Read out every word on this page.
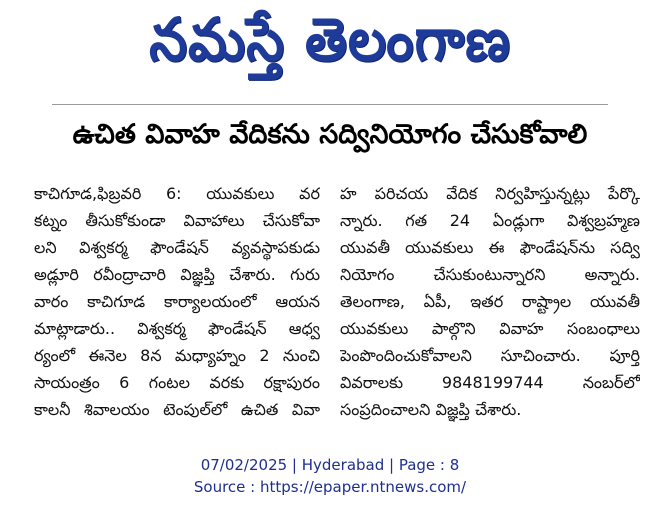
నమస్తే తెలంగాణ
ఉచిత వివాహ వేదికను సద్వినియోగం చేసుకోవాలి
కాచిగూడ,ఫిబ్రవరి 6: యువకులు వర
కట్నం తీసుకోకుండా వివాహాలు చేసుకోవా
లని విశ్వకర్మ ఫౌండేషన్ వ్యవస్థాపకుడు
అడ్లూరి రవీంద్రాచారి విజ్ఞప్తి చేశారు. గురు
వారం కాచిగూడ కార్యాలయంలో ఆయన
మాట్లాడారు.. విశ్వకర్మ ఫౌండేషన్ ఆధ్వ
ర్యంలో ఈనెల 8న మధ్యాహ్నం 2 నుంచి
సాయంత్రం 6 గంటల వరకు రక్షాపురం
కాలనీ శివాలయం టెంపుల్‌లో ఉచిత వివా
హ పరిచయ వేదిక నిర్వహిస్తున్నట్లు పేర్కొ
న్నారు. గత 24 ఏండ్లుగా విశ్వబ్రహ్మణ
యువతీ యువకులు ఈ ఫౌండేషన్‌ను సద్వి
నియోగం చేసుకుంటున్నారని అన్నారు.
తెలంగాణ, ఏపీ, ఇతర రాష్ట్రాల యువతీ
యువకులు పాల్గొని వివాహ సంబంధాలు
పెంపొందించుకోవాలని సూచించారు. పూర్తి
వివరాలకు 9848199744 నంబర్‌లో
సంప్రదించాలని విజ్ఞప్తి చేశారు.
07/02/2025 | Hyderabad | Page : 8
Source : https://epaper.ntnews.com/
